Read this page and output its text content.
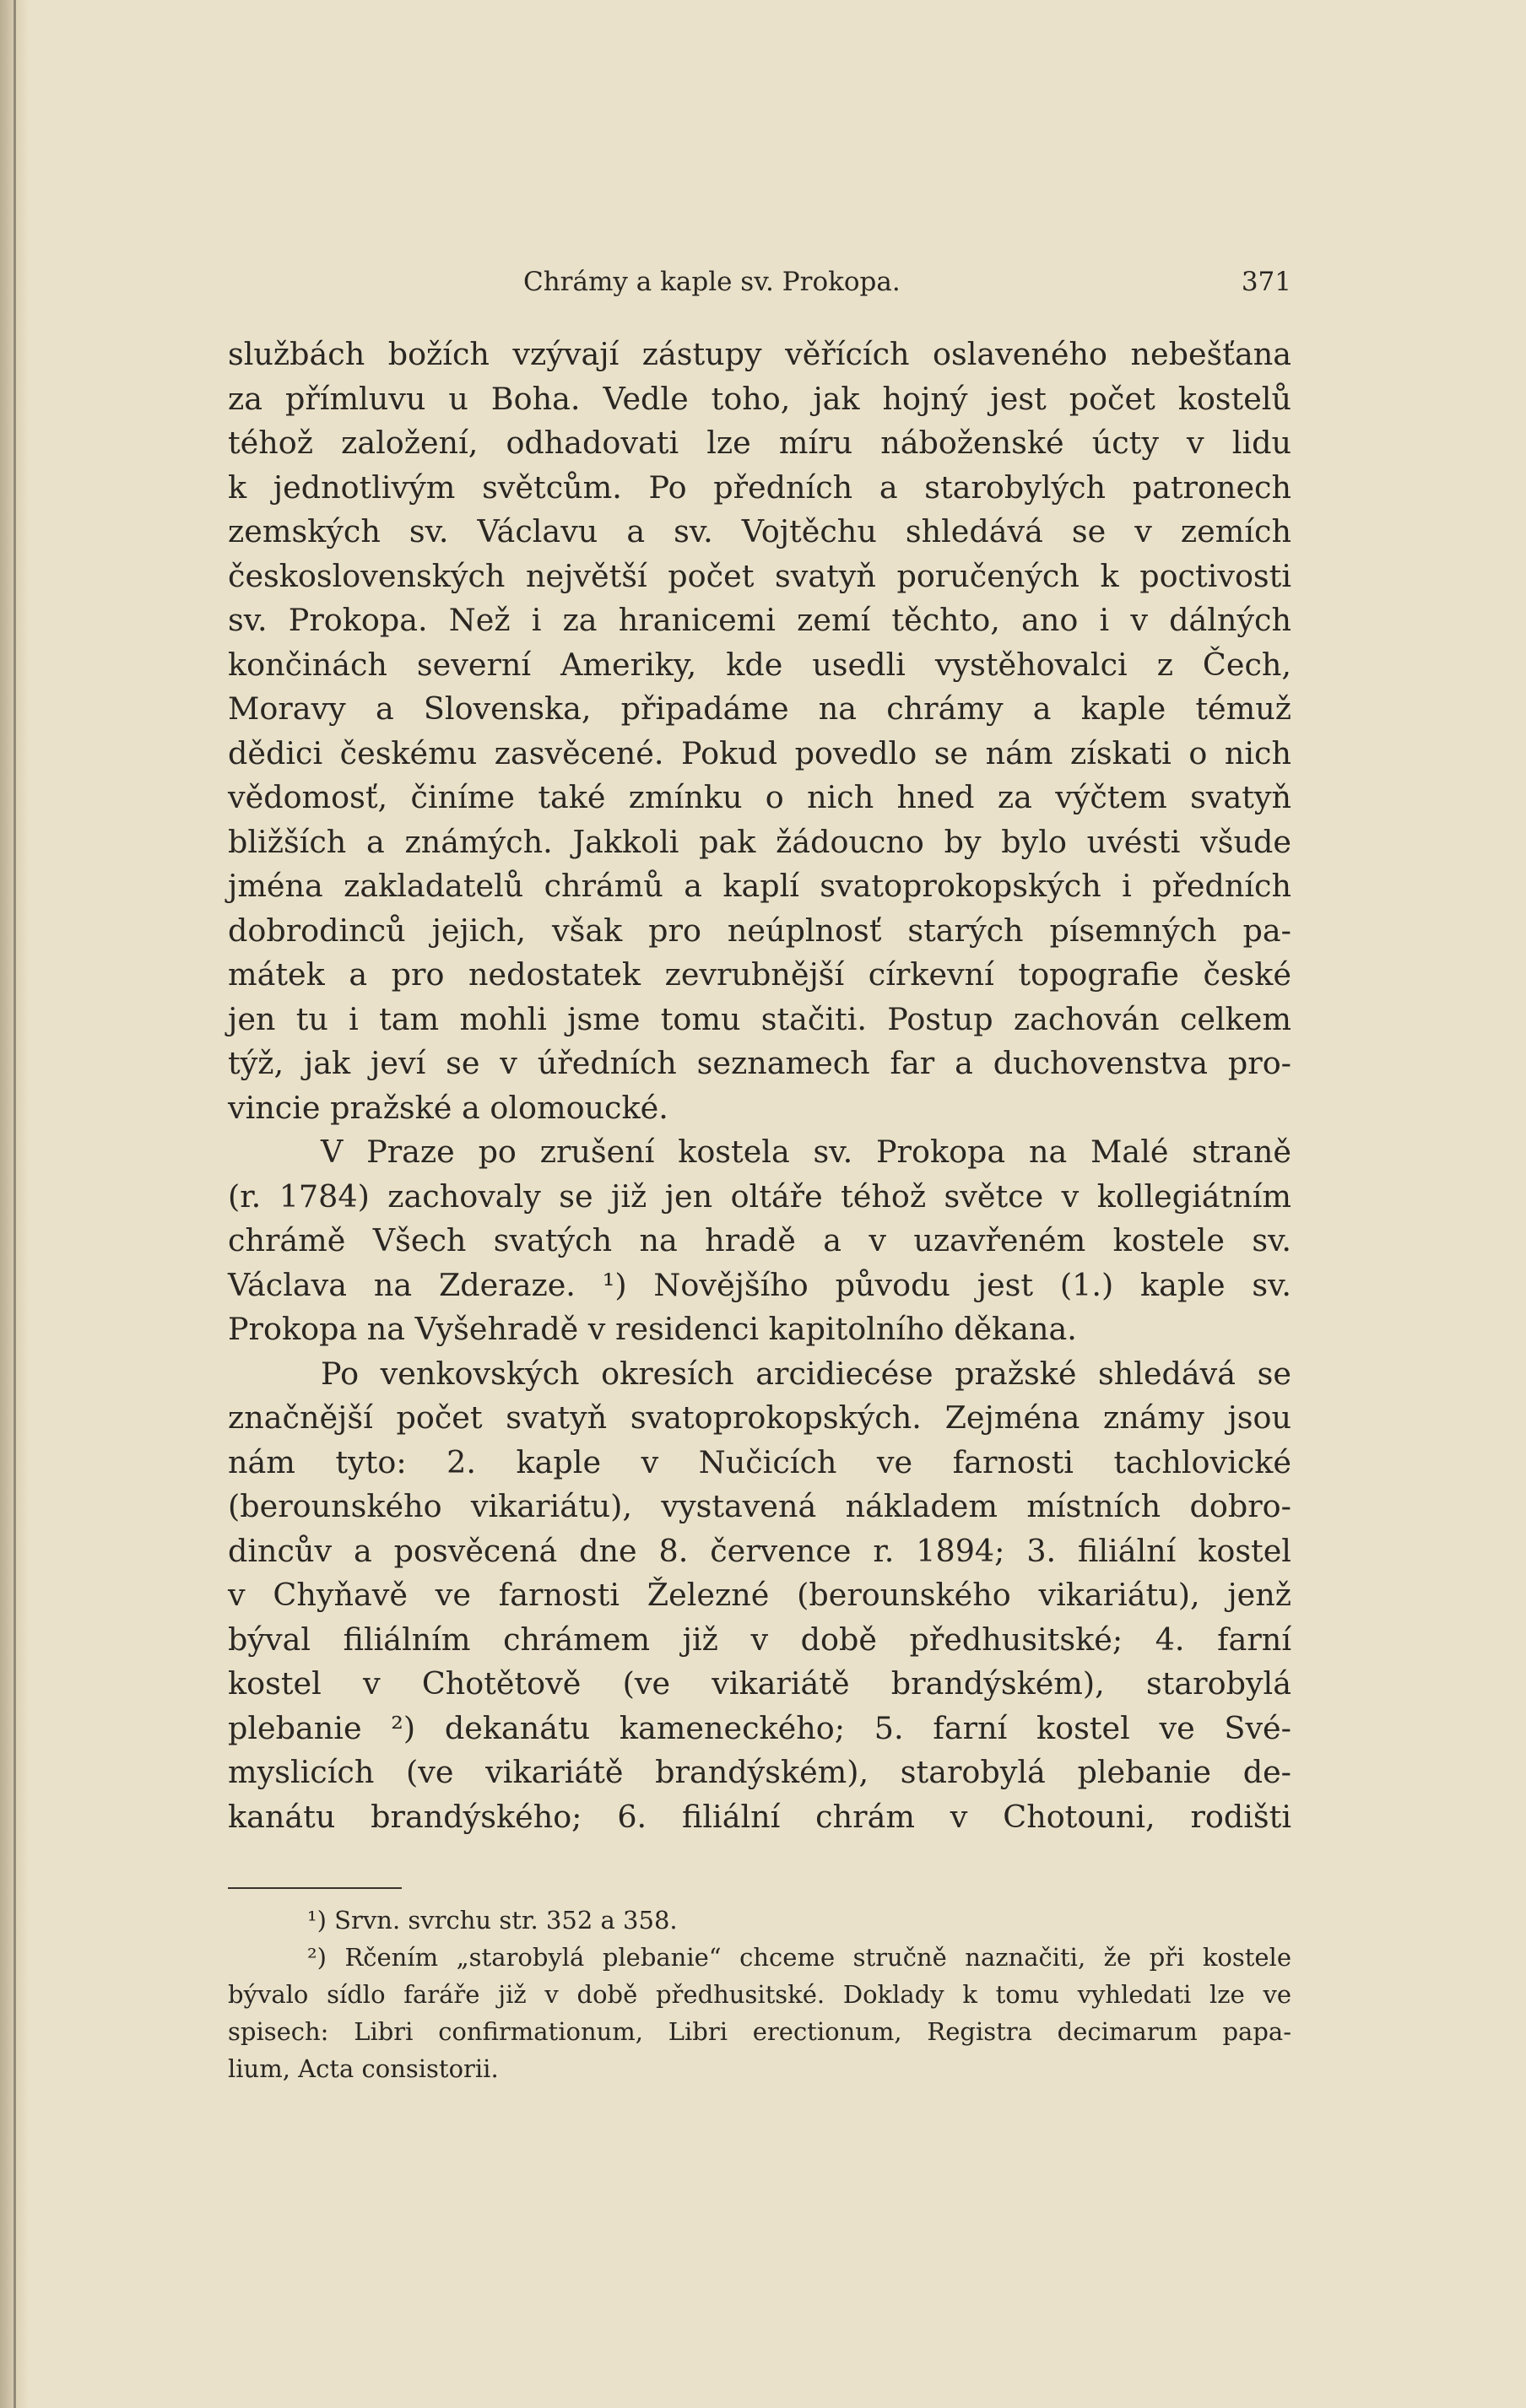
Chrámy a kaple sv. Prokopa.	371
službách božích vzývají zástupy věřících oslaveného nebešťana
za přímluvu u Boha. Vedle toho, jak hojný jest počet kostelů
téhož založení, odhadovati lze míru náboženské úcty v lidu
k jednotlivým světcům. Po předních a starobylých patronech
zemských sv. Václavu a sv. Vojtěchu shledává se v zemích
československých největší počet svatyň poručených k poctivosti
sv. Prokopa. Než i za hranicemi zemí těchto, ano i v dálných
končinách severní Ameriky, kde usedli vystěhovalci z Čech,
Moravy a Slovenska, připadáme na chrámy a kaple témuž
dědici českému zasvěcené. Pokud povedlo se nám získati o nich
vědomosť, činíme také zmínku o nich hned za výčtem svatyň
bližších a známých. Jakkoli pak žádoucno by bylo uvésti všude
jména zakladatelů chrámů a kaplí svatoprokopských i předních
dobrodinců jejich, však pro neúplnosť starých písemných pa-
mátek a pro nedostatek zevrubnější církevní topografie české
jen tu i tam mohli jsme tomu stačiti. Postup zachován celkem
týž, jak jeví se v úředních seznamech far a duchovenstva pro-
vincie pražské a olomoucké.
V Praze po zrušení kostela sv. Prokopa na Malé straně
(r. 1784) zachovaly se již jen oltáře téhož světce v kollegiátním
chrámě Všech svatých na hradě a v uzavřeném kostele sv.
Václava na Zderaze. ¹) Novějšího původu jest (1.) kaple sv.
Prokopa na Vyšehradě v residenci kapitolního děkana.
Po venkovských okresích arcidiecése pražské shledává se
značnější počet svatyň svatoprokopských. Zejména známy jsou
nám tyto: 2. kaple v Nučicích ve farnosti tachlovické
(berounského vikariátu), vystavená nákladem místních dobro-
dincův a posvěcená dne 8. července r. 1894; 3. filiální kostel
v Chyňavě ve farnosti Železné (berounského vikariátu), jenž
býval filiálním chrámem již v době předhusitské; 4. farní
kostel v Chotětově (ve vikariátě brandýském), starobylá
plebanie ²) dekanátu kameneckého; 5. farní kostel ve Své-
myslicích (ve vikariátě brandýském), starobylá plebanie de-
kanátu brandýského; 6. filiální chrám v Chotouni, rodišti
¹) Srvn. svrchu str. 352 a 358.
²) Rčením „starobylá plebanie“ chceme stručně naznačiti, že při kostele
bývalo sídlo faráře již v době předhusitské. Doklady k tomu vyhledati lze ve
spisech: Libri confirmationum, Libri erectionum, Registra decimarum papa-
lium, Acta consistorii.
